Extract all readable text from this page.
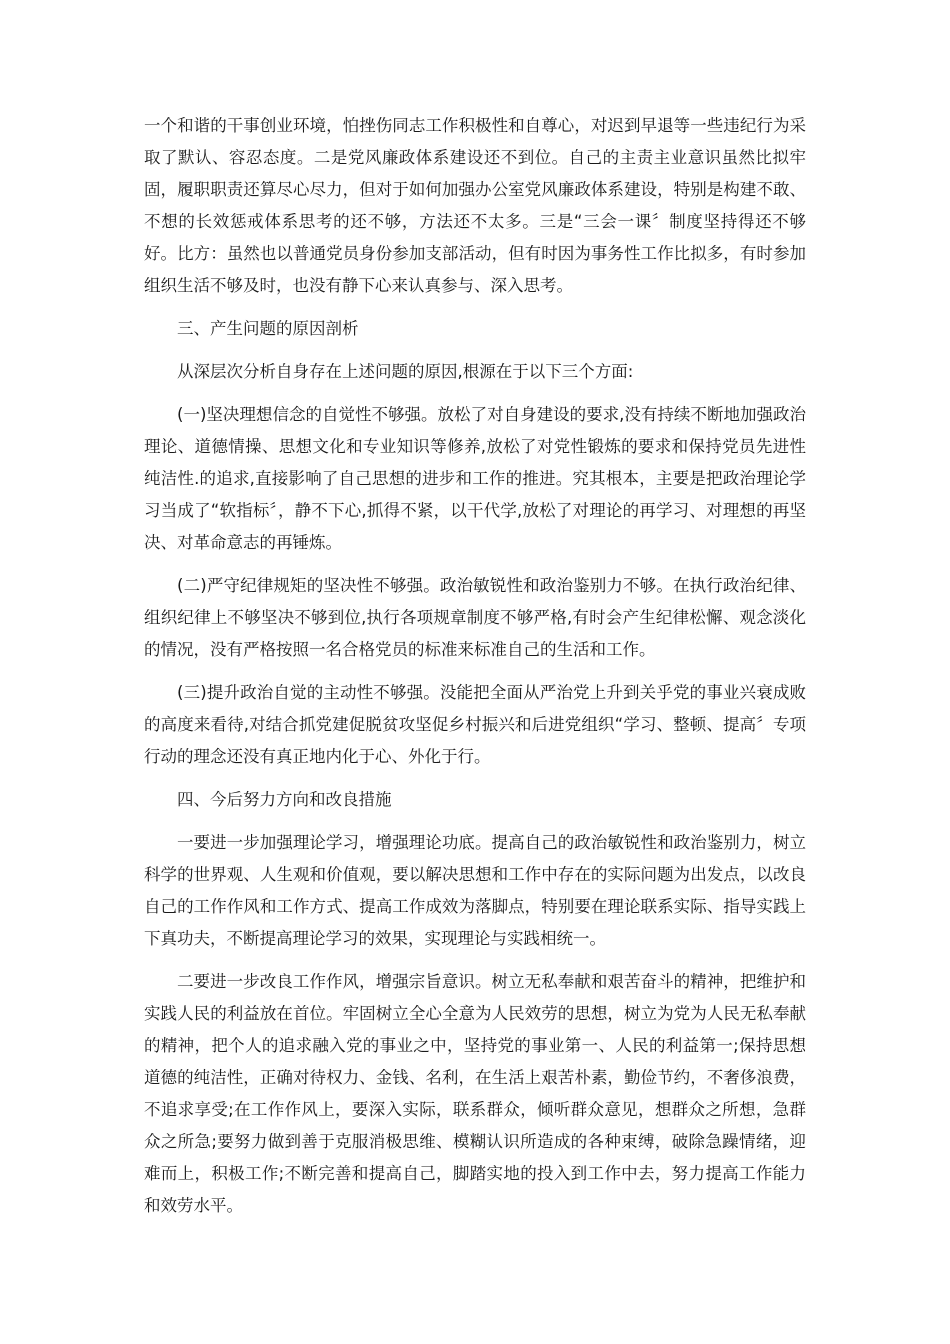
一个和谐的干事创业环境，怕挫伤同志工作积极性和自尊心，对迟到早退等一些违纪行为采取了默认、容忍态度。二是党风廉政体系建设还不到位。自己的主责主业意识虽然比拟牢固，履职职责还算尽心尽力，但对于如何加强办公室党风廉政体系建设，特别是构建不敢、不想的长效惩戒体系思考的还不够，方法还不太多。三是“三会一课〞制度坚持得还不够好。比方：虽然也以普通党员身份参加支部活动，但有时因为事务性工作比拟多，有时参加组织生活不够及时，也没有静下心来认真参与、深入思考。

三、产生问题的原因剖析

从深层次分析自身存在上述问题的原因,根源在于以下三个方面:

(一)坚决理想信念的自觉性不够强。放松了对自身建设的要求,没有持续不断地加强政治理论、道德情操、思想文化和专业知识等修养,放松了对党性锻炼的要求和保持党员先进性纯洁性.的追求,直接影响了自己思想的进步和工作的推进。究其根本，主要是把政治理论学习当成了“软指标〞，静不下心,抓得不紧，以干代学,放松了对理论的再学习、对理想的再坚决、对革命意志的再锤炼。

(二)严守纪律规矩的坚决性不够强。政治敏锐性和政治鉴别力不够。在执行政治纪律、组织纪律上不够坚决不够到位,执行各项规章制度不够严格,有时会产生纪律松懈、观念淡化的情况，没有严格按照一名合格党员的标准来标准自己的生活和工作。

(三)提升政治自觉的主动性不够强。没能把全面从严治党上升到关乎党的事业兴衰成败的高度来看待,对结合抓党建促脱贫攻坚促乡村振兴和后进党组织“学习、整顿、提高〞专项行动的理念还没有真正地内化于心、外化于行。

四、今后努力方向和改良措施

一要进一步加强理论学习，增强理论功底。提高自己的政治敏锐性和政治鉴别力，树立科学的世界观、人生观和价值观，要以解决思想和工作中存在的实际问题为出发点，以改良自己的工作作风和工作方式、提高工作成效为落脚点，特别要在理论联系实际、指导实践上下真功夫，不断提高理论学习的效果，实现理论与实践相统一。

二要进一步改良工作作风，增强宗旨意识。树立无私奉献和艰苦奋斗的精神，把维护和实践人民的利益放在首位。牢固树立全心全意为人民效劳的思想，树立为党为人民无私奉献的精神，把个人的追求融入党的事业之中，坚持党的事业第一、人民的利益第一;保持思想道德的纯洁性，正确对待权力、金钱、名利，在生活上艰苦朴素，勤俭节约，不奢侈浪费，不追求享受;在工作作风上，要深入实际，联系群众，倾听群众意见，想群众之所想，急群众之所急;要努力做到善于克服消极思维、模糊认识所造成的各种束缚，破除急躁情绪，迎难而上，积极工作;不断完善和提高自己，脚踏实地的投入到工作中去，努力提高工作能力和效劳水平。
